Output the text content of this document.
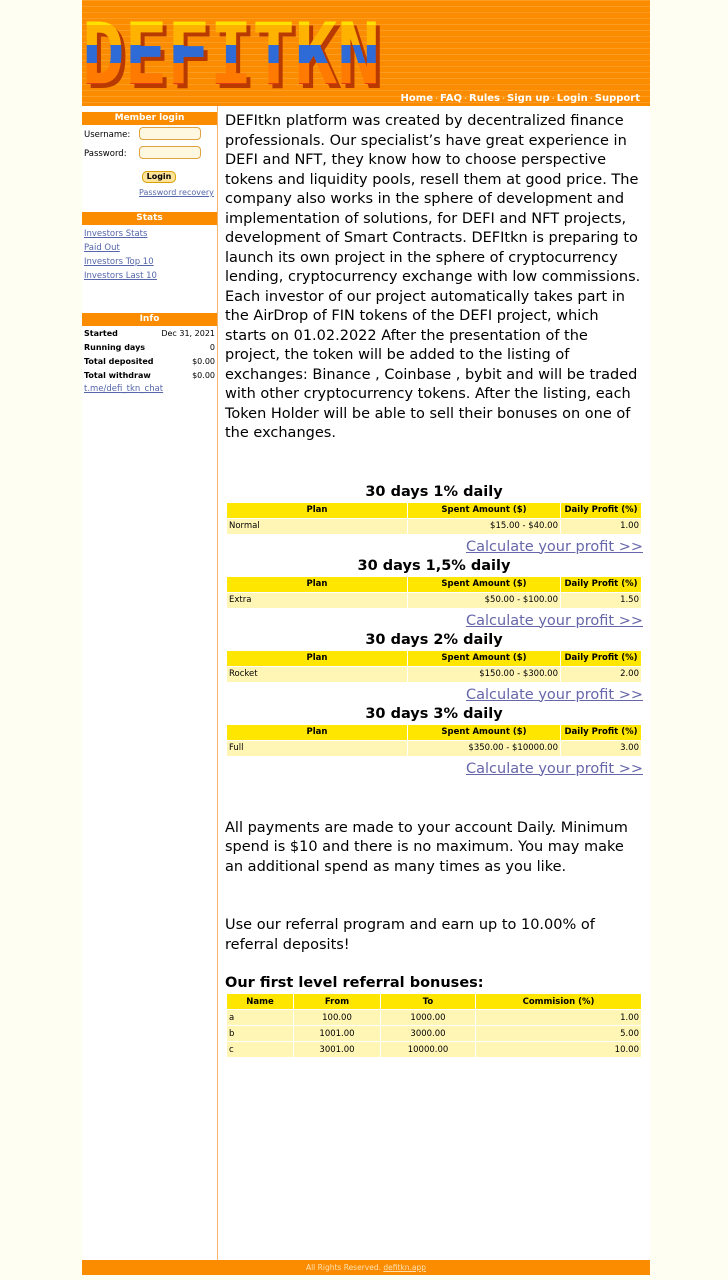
DEFITKN
DEFITKN Home · FAQ · Rules · Sign up · Login · Support
Member login
Username:
Password:
Login
Password recovery
Stats
Investors Stats
Paid Out
Investors Top 10
Investors Last 10
Info
Started	Dec 31, 2021
Running days	0
Total deposited	$0.00
Total withdraw	$0.00
t.me/defi_tkn_chat

DEFItkn platform was created by decentralized finance professionals. Our specialist’s have great experience in DEFI and NFT, they know how to choose perspective tokens and liquidity pools, resell them at good price. The company also works in the sphere of development and implementation of solutions, for DEFI and NFT projects, development of Smart Contracts. DEFItkn is preparing to launch its own project in the sphere of cryptocurrency lending, cryptocurrency exchange with low commissions.

Each investor of our project automatically takes part in the AirDrop of FIN tokens of the DEFI project, which starts on 01.02.2022 After the presentation of the project, the token will be added to the listing of exchanges: Binance , Coinbase , bybit and will be traded with other cryptocurrency tokens. After the listing, each Token Holder will be able to sell their bonuses on one of the exchanges.

30 days 1% daily
Plan	Spent Amount ($)	Daily Profit (%)
Normal	$15.00 - $40.00	1.00
Calculate your profit >>
30 days 1,5% daily
Plan	Spent Amount ($)	Daily Profit (%)
Extra	$50.00 - $100.00	1.50
Calculate your profit >>
30 days 2% daily
Plan	Spent Amount ($)	Daily Profit (%)
Rocket	$150.00 - $300.00	2.00
Calculate your profit >>
30 days 3% daily
Plan	Spent Amount ($)	Daily Profit (%)
Full	$350.00 - $10000.00	3.00
Calculate your profit >>

All payments are made to your account Daily. Minimum spend is $10 and there is no maximum. You may make an additional spend as many times as you like.

Use our referral program and earn up to 10.00% of referral deposits!

Our first level referral bonuses:

Name	From	To	Commision (%)
a	100.00	1000.00	1.00
b	1001.00	3000.00	5.00
c	3001.00	10000.00	10.00
All Rights Reserved. defitkn.app
